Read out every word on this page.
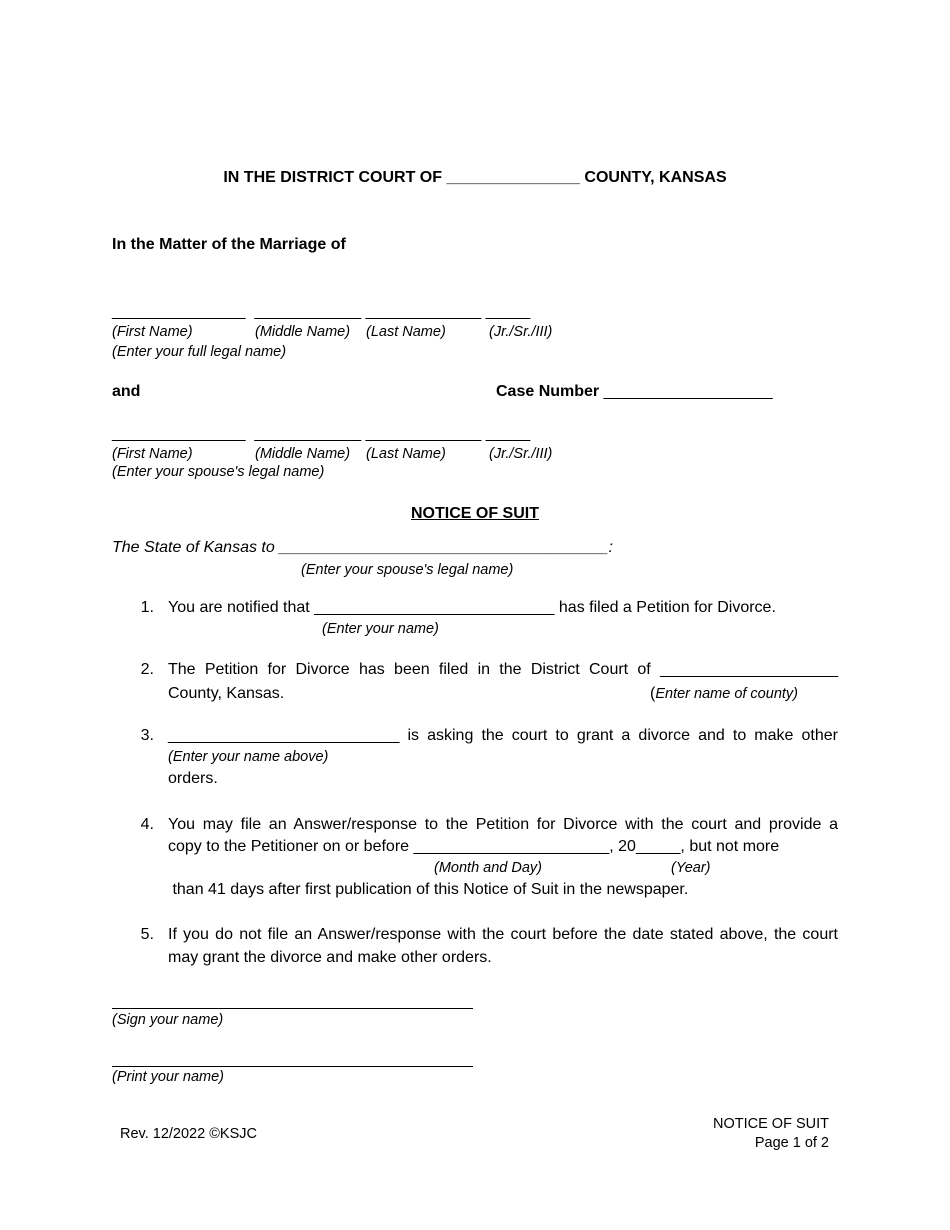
IN THE DISTRICT COURT OF _______________ COUNTY, KANSAS
In the Matter of the Marriage of
_______________  ____________ _____________ _____
(First Name)	(Middle Name) (Last Name)	(Jr./Sr./III)
(Enter your full legal name)
and	Case Number ___________________
_______________  ____________ _____________ _____
(First Name)	(Middle Name) (Last Name)	(Jr./Sr./III)
(Enter your spouse's legal name)
NOTICE OF SUIT
The State of Kansas to _____________________________________:
(Enter your spouse's legal name)
1. You are notified that ___________________________ has filed a Petition for Divorce.
(Enter your name)
2. The Petition for Divorce has been filed in the District Court of ____________________
County, Kansas.	(Enter name of county)
3. __________________________ is asking the court to grant a divorce and to make other
(Enter your name above)
orders.
4. You may file an Answer/response to the Petition for Divorce with the court and provide a
copy to the Petitioner on or before ______________________, 20_____, but not more
(Month and Day)	(Year)
than 41 days after first publication of this Notice of Suit in the newspaper.
5. If you do not file an Answer/response with the court before the date stated above, the court
may grant the divorce and make other orders.
(Sign your name)
(Print your name)
Rev. 12/2022 ©KSJC
NOTICE OF SUIT
Page 1 of 2
